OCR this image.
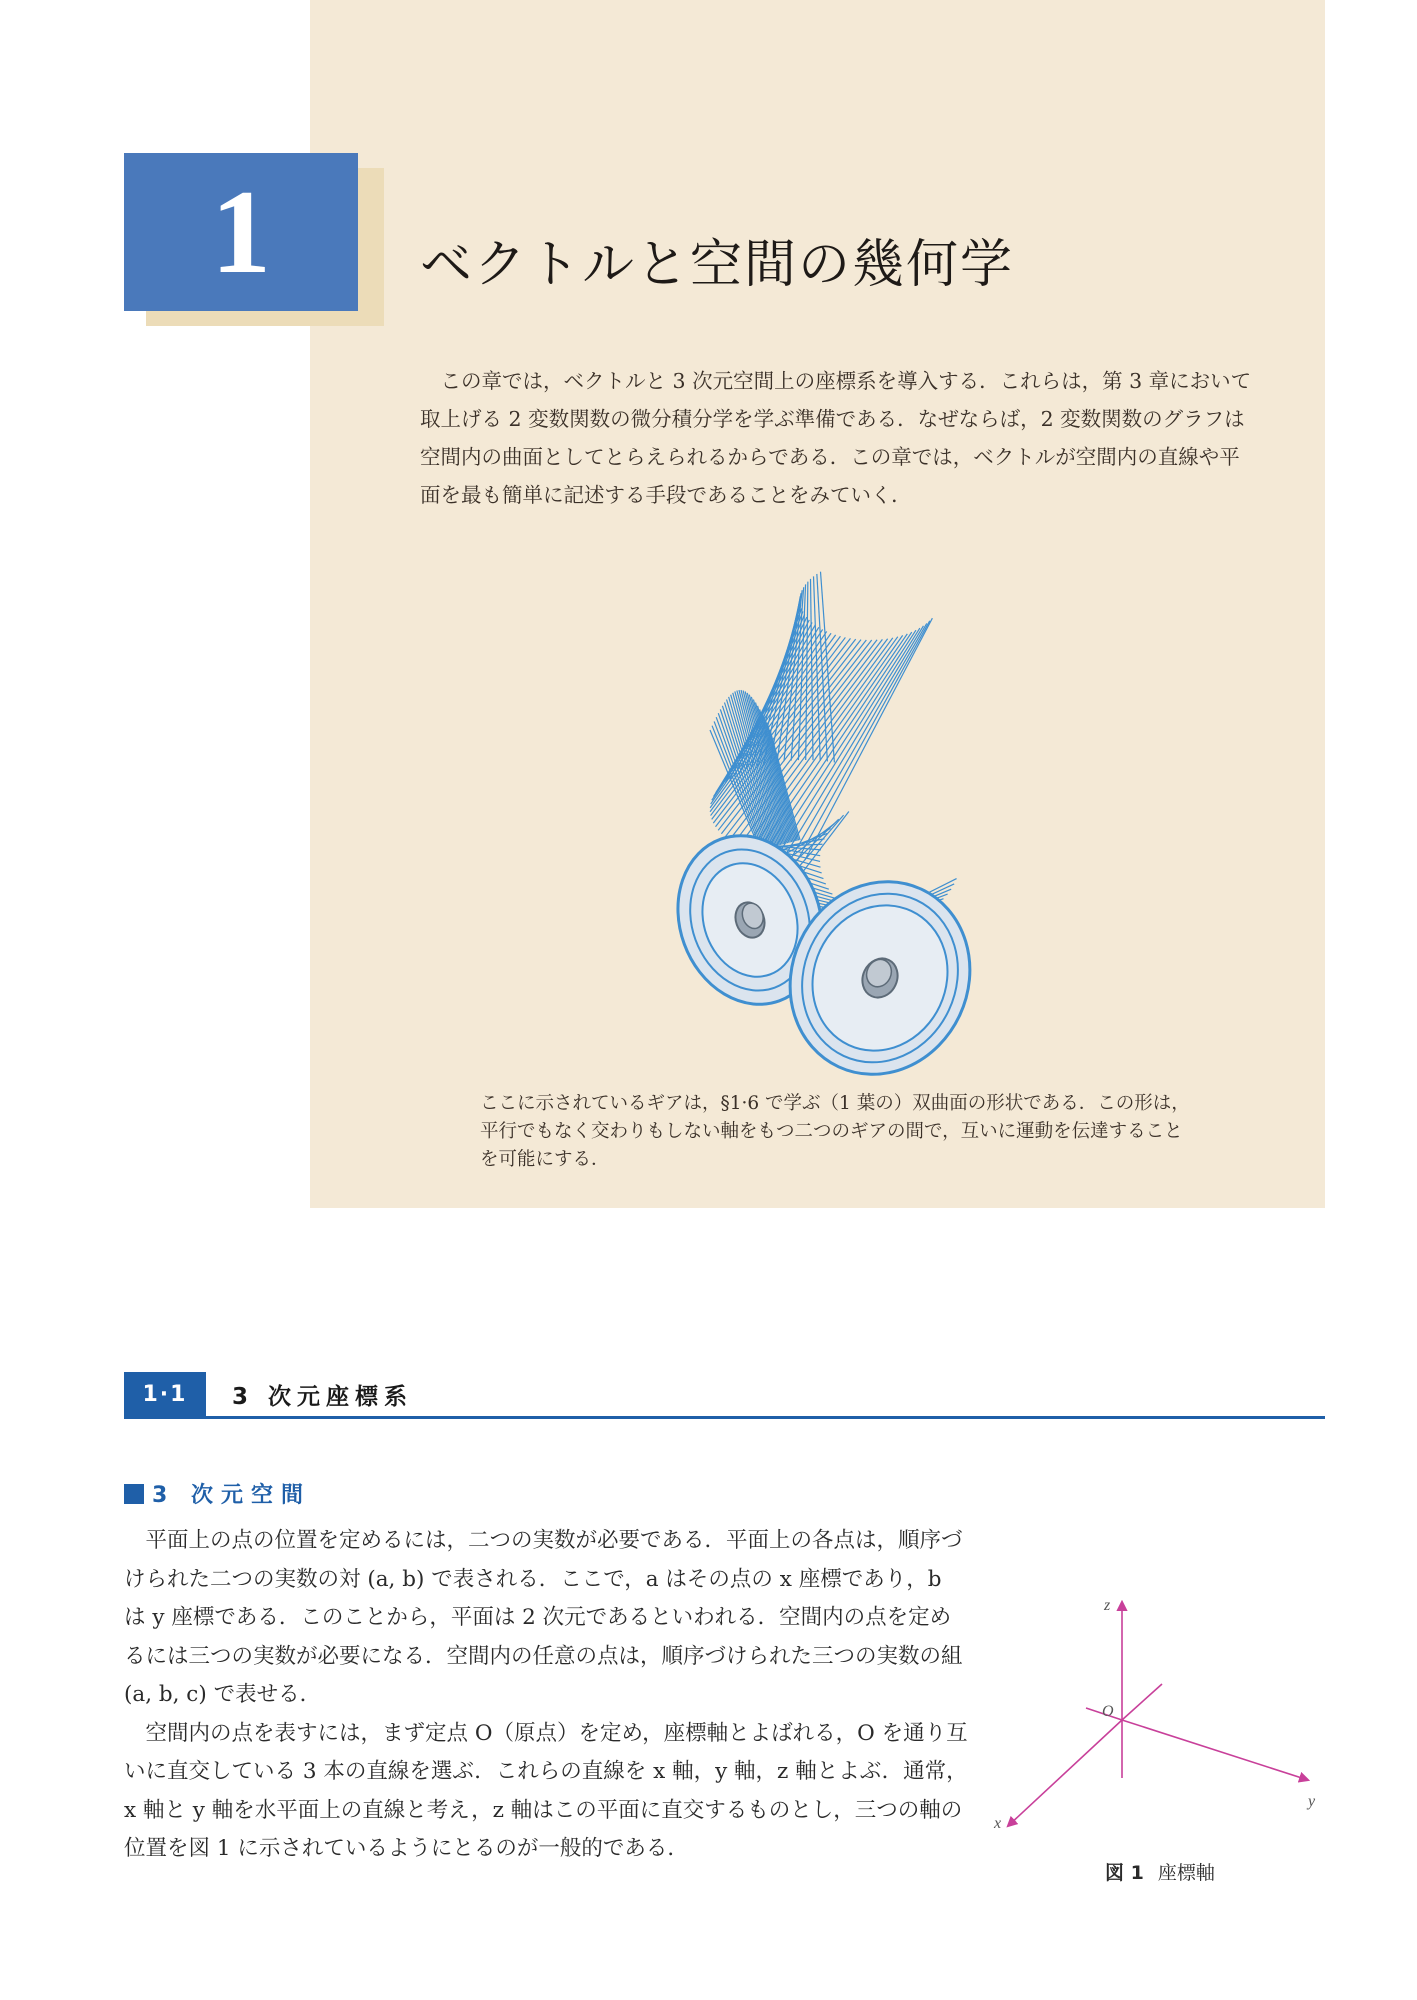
1	ベクトルと空間の幾何学

この章では，ベクトルと 3 次元空間上の座標系を導入する．これらは，第 3 章において取上げる 2 変数関数の微分積分学を学ぶ準備である．なぜならば，2 変数関数のグラフは空間内の曲面としてとらえられるからである．この章では，ベクトルが空間内の直線や平面を最も簡単に記述する手段であることをみていく．

ここに示されているギアは，§1·6 で学ぶ（1 葉の）双曲面の形状である．この形は，平行でもなく交わりもしない軸をもつ二つのギアの間で，互いに運動を伝達することを可能にする．
1·1	3 次元座標系
3 次元空間

平面上の点の位置を定めるには，二つの実数が必要である．平面上の各点は，順序づけられた二つの実数の対 (a, b) で表される．ここで，a はその点の x 座標であり，b は y 座標である．このことから，平面は 2 次元であるといわれる．空間内の点を定めるには三つの実数が必要になる．空間内の任意の点は，順序づけられた三つの実数の組 (a, b, c) で表せる．

空間内の点を表すには，まず定点 O（原点）を定め，座標軸とよばれる，O を通り互いに直交している 3 本の直線を選ぶ．これらの直線を x 軸，y 軸，z 軸とよぶ．通常，x 軸と y 軸を水平面上の直線と考え，z 軸はこの平面に直交するものとし，三つの軸の位置を図 1 に示されているようにとるのが一般的である．

z
y
x
O
図 1 座標軸
